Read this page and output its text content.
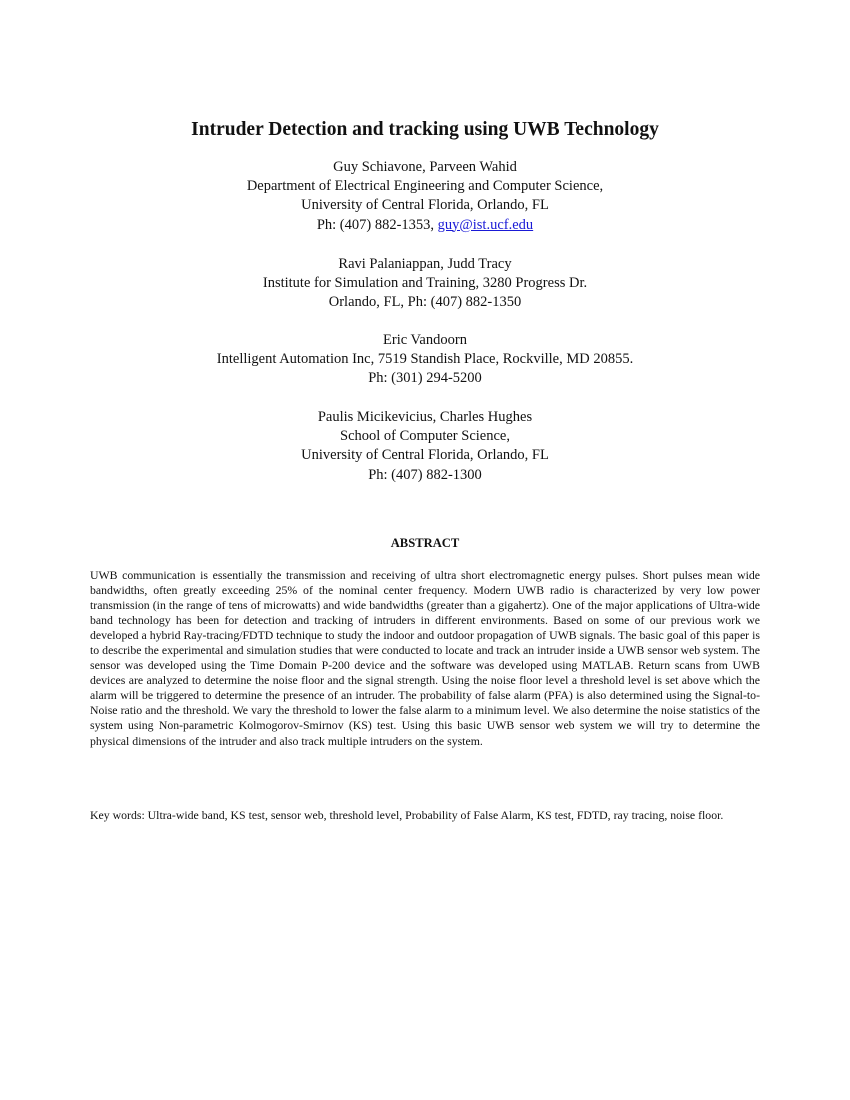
Intruder Detection and tracking using UWB Technology
Guy Schiavone, Parveen Wahid
Department of Electrical Engineering and Computer Science,
University of Central Florida, Orlando, FL
Ph: (407) 882-1353, guy@ist.ucf.edu
Ravi Palaniappan, Judd Tracy
Institute for Simulation and Training, 3280 Progress Dr.
Orlando, FL, Ph: (407) 882-1350
Eric Vandoorn
Intelligent Automation Inc, 7519 Standish Place, Rockville, MD 20855.
Ph: (301) 294-5200
Paulis Micikevicius, Charles Hughes
School of Computer Science,
University of Central Florida, Orlando, FL
Ph: (407) 882-1300
ABSTRACT

UWB communication is essentially the transmission and receiving of ultra short electromagnetic energy pulses. Short pulses mean wide bandwidths, often greatly exceeding 25% of the nominal center frequency. Modern UWB radio is characterized by very low power transmission (in the range of tens of microwatts) and wide bandwidths (greater than a gigahertz). One of the major applications of Ultra-wide band technology has been for detection and tracking of intruders in different environments. Based on some of our previous work we developed a hybrid Ray-tracing/FDTD technique to study the indoor and outdoor propagation of UWB signals. The basic goal of this paper is to describe the experimental and simulation studies that were conducted to locate and track an intruder inside a UWB sensor web system. The sensor was developed using the Time Domain P-200 device and the software was developed using MATLAB. Return scans from UWB devices are analyzed to determine the noise floor and the signal strength. Using the noise floor level a threshold level is set above which the alarm will be triggered to determine the presence of an intruder. The probability of false alarm (PFA) is also determined using the Signal-to-Noise ratio and the threshold. We vary the threshold to lower the false alarm to a minimum level. We also determine the noise statistics of the system using Non-parametric Kolmogorov-Smirnov (KS) test. Using this basic UWB sensor web system we will try to determine the physical dimensions of the intruder and also track multiple intruders on the system.

Key words: Ultra-wide band, KS test, sensor web, threshold level, Probability of False Alarm, KS test, FDTD, ray tracing, noise floor.
